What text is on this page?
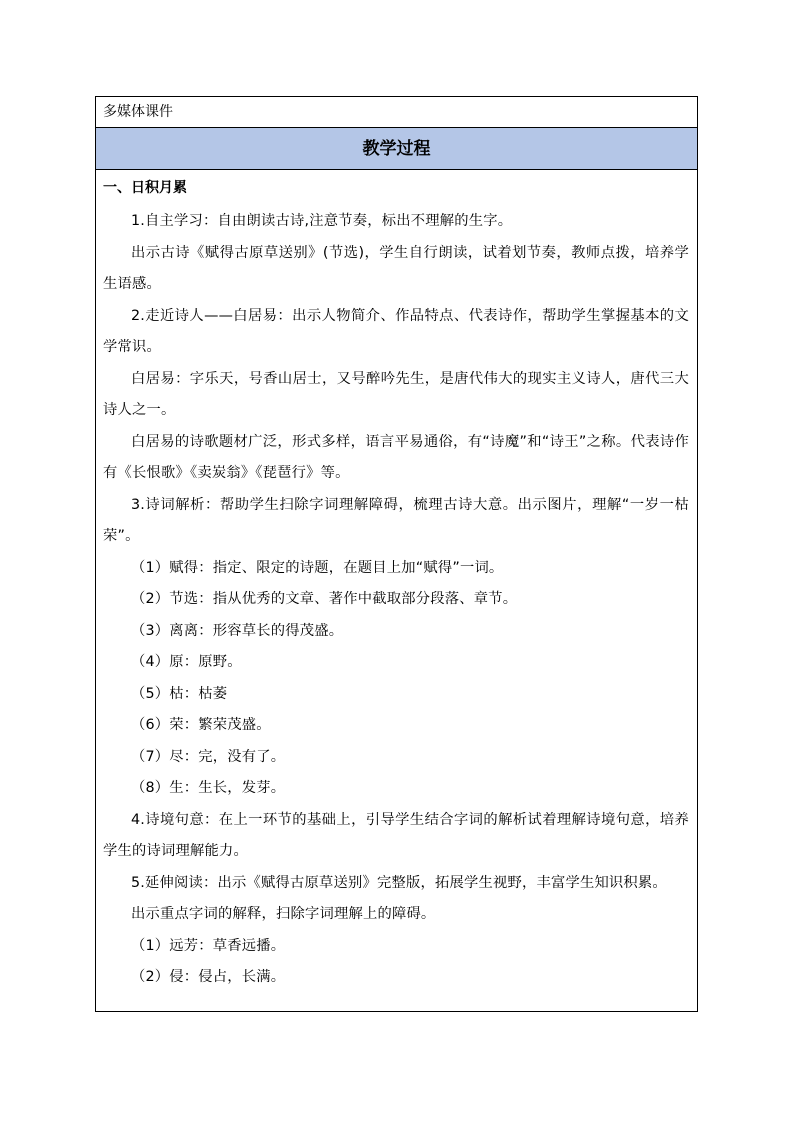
多媒体课件
教学过程

一、日积月累

1.自主学习：自由朗读古诗,注意节奏，标出不理解的生字。

出示古诗《赋得古原草送别》(节选)，学生自行朗读，试着划节奏，教师点拨，培养学生语感。

2.走近诗人——白居易：出示人物简介、作品特点、代表诗作，帮助学生掌握基本的文学常识。

白居易：字乐天，号香山居士，又号醉吟先生，是唐代伟大的现实主义诗人，唐代三大诗人之一。

白居易的诗歌题材广泛，形式多样，语言平易通俗，有“诗魔”和“诗王”之称。代表诗作有《长恨歌》《卖炭翁》《琵琶行》等。

3.诗词解析：帮助学生扫除字词理解障碍，梳理古诗大意。出示图片，理解“一岁一枯荣”。

（1）赋得：指定、限定的诗题，在题目上加“赋得”一词。

（2）节选：指从优秀的文章、著作中截取部分段落、章节。

（3）离离：形容草长的得茂盛。

（4）原：原野。

（5）枯：枯萎

（6）荣：繁荣茂盛。

（7）尽：完，没有了。

（8）生：生长，发芽。

4.诗境句意：在上一环节的基础上，引导学生结合字词的解析试着理解诗境句意，培养学生的诗词理解能力。

5.延伸阅读：出示《赋得古原草送别》完整版，拓展学生视野，丰富学生知识积累。

出示重点字词的解释，扫除字词理解上的障碍。

（1）远芳：草香远播。

（2）侵：侵占，长满。
